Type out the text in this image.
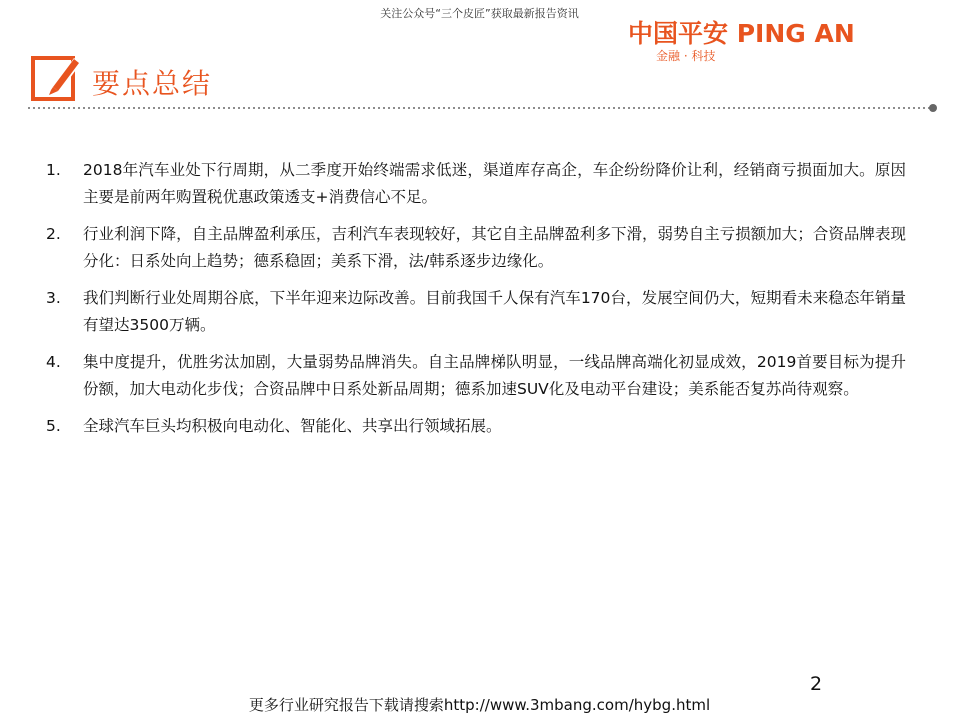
关注公众号“三个皮匠”获取最新报告资讯
中国平安 PING AN
金融 · 科技
要点总结
1. 2018年汽车业处下行周期，从二季度开始终端需求低迷，渠道库存高企，车企纷纷降价让利，经销商亏损面加大。原因主要是前两年购置税优惠政策透支+消费信心不足。
2. 行业利润下降，自主品牌盈利承压，吉利汽车表现较好，其它自主品牌盈利多下滑，弱势自主亏损额加大；合资品牌表现分化：日系处向上趋势；德系稳固；美系下滑，法/韩系逐步边缘化。
3. 我们判断行业处周期谷底，下半年迎来边际改善。目前我国千人保有汽车170台，发展空间仍大，短期看未来稳态年销量有望达3500万辆。
4. 集中度提升，优胜劣汰加剧，大量弱势品牌消失。自主品牌梯队明显，一线品牌高端化初显成效，2019首要目标为提升份额，加大电动化步伐；合资品牌中日系处新品周期；德系加速SUV化及电动平台建设；美系能否复苏尚待观察。
5. 全球汽车巨头均积极向电动化、智能化、共享出行领域拓展。
2
更多行业研究报告下载请搜索http://www.3mbang.com/hybg.html
